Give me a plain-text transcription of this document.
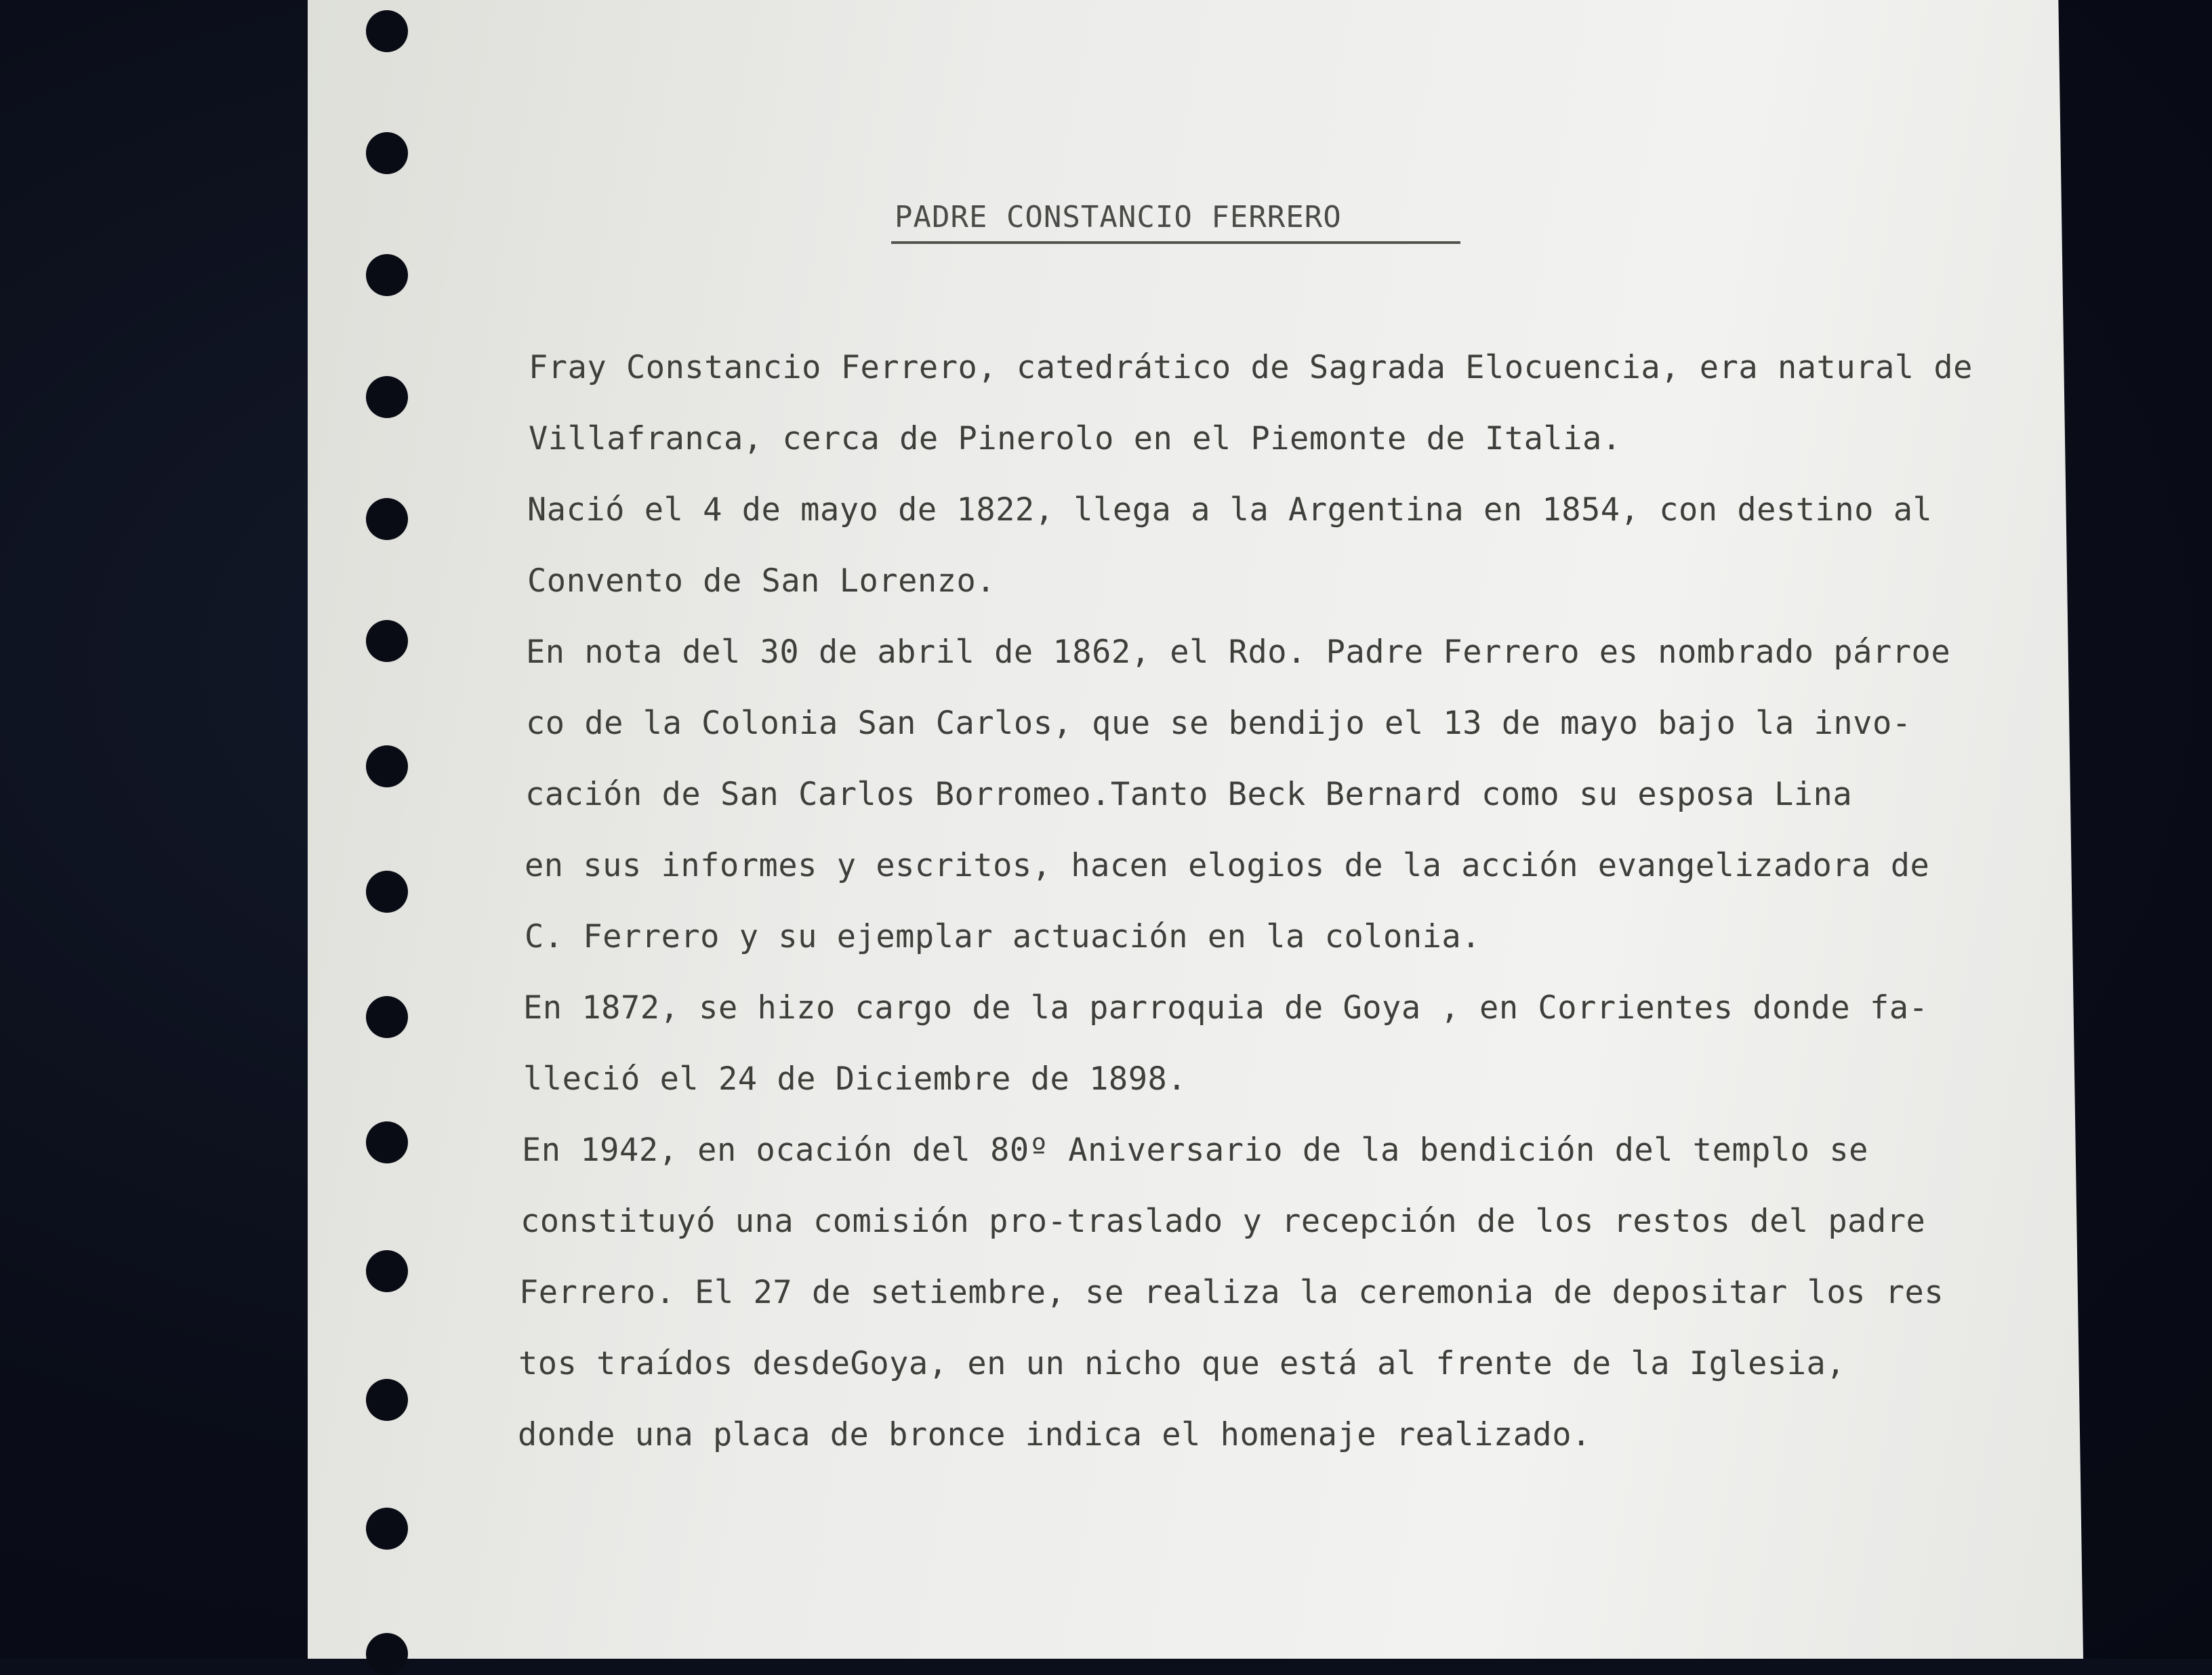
PADRE CONSTANCIO FERRERO
Fray Constancio Ferrero, catedrático de Sagrada Elocuencia, era natural de
Villafranca, cerca de Pinerolo en el Piemonte de Italia.
Nació el 4 de mayo de 1822, llega a la Argentina en 1854, con destino al
Convento de San Lorenzo.
En nota del 30 de abril de 1862, el Rdo. Padre Ferrero es nombrado párroe
co de la Colonia San Carlos, que se bendijo el 13 de mayo bajo la invo-
cación de San Carlos Borromeo.Tanto Beck Bernard como su esposa Lina
en sus informes y escritos, hacen elogios de la acción evangelizadora de
C. Ferrero y su ejemplar actuación en la colonia.
En 1872, se hizo cargo de la parroquia de Goya , en Corrientes donde fa-
lleció el 24 de Diciembre de 1898.
En 1942, en ocación del 80º Aniversario de la bendición del templo se
constituyó una comisión pro-traslado y recepción de los restos del padre
Ferrero. El 27 de setiembre, se realiza la ceremonia de depositar los res
tos traídos desdeGoya, en un nicho que está al frente de la Iglesia,
donde una placa de bronce indica el homenaje realizado.
